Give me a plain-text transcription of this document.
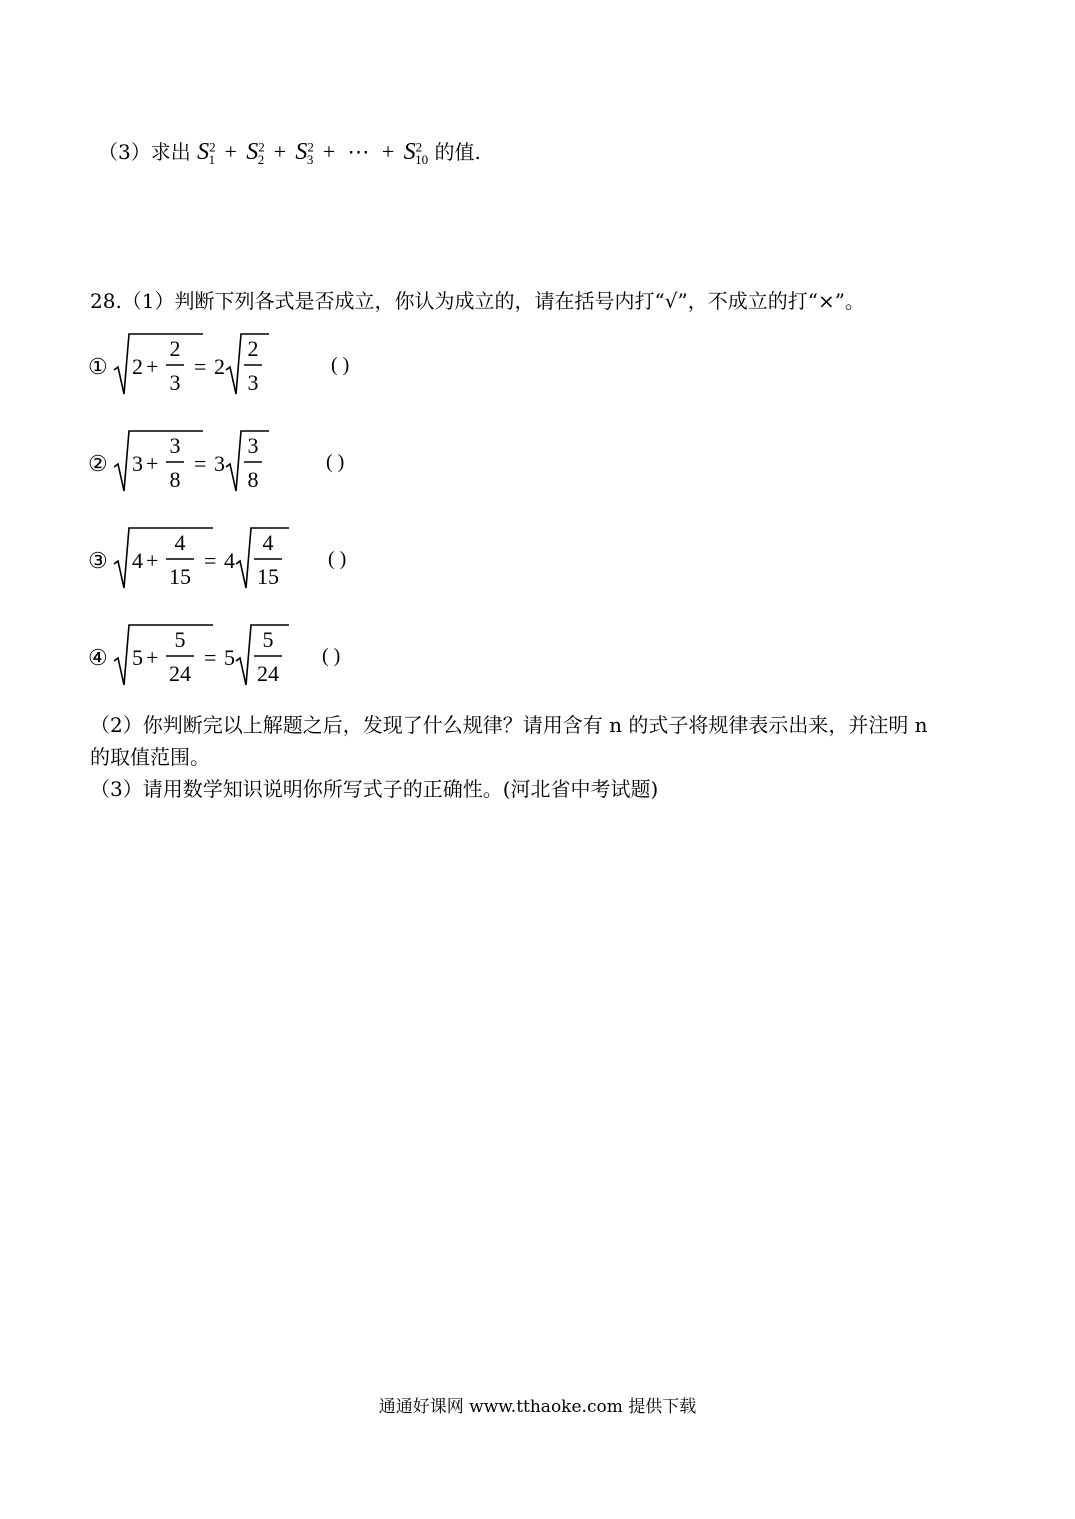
（3）求出 $S^2_1 + S^2_2 + S^2_3$ + ⋯ + $S^2_{10}$ 的值.
28.（1）判断下列各式是否成立，你认为成立的，请在括号内打“√”，不成立的打“×”。
① 2 +
2
3
= 2
2
3
( )
② 3 +
3
8
= 3
3
8
( )
③ 4 +
4
15
= 4
4
15
( )
④ 5 +
5
24
= 5
5
24
( )
（2）你判断完以上解题之后，发现了什么规律？请用含有 n 的式子将规律表示出来，并注明 n
的取值范围。
（3）请用数学知识说明你所写式子的正确性。(河北省中考试题)
通通好课网 www.tthaoke.com 提供下载
